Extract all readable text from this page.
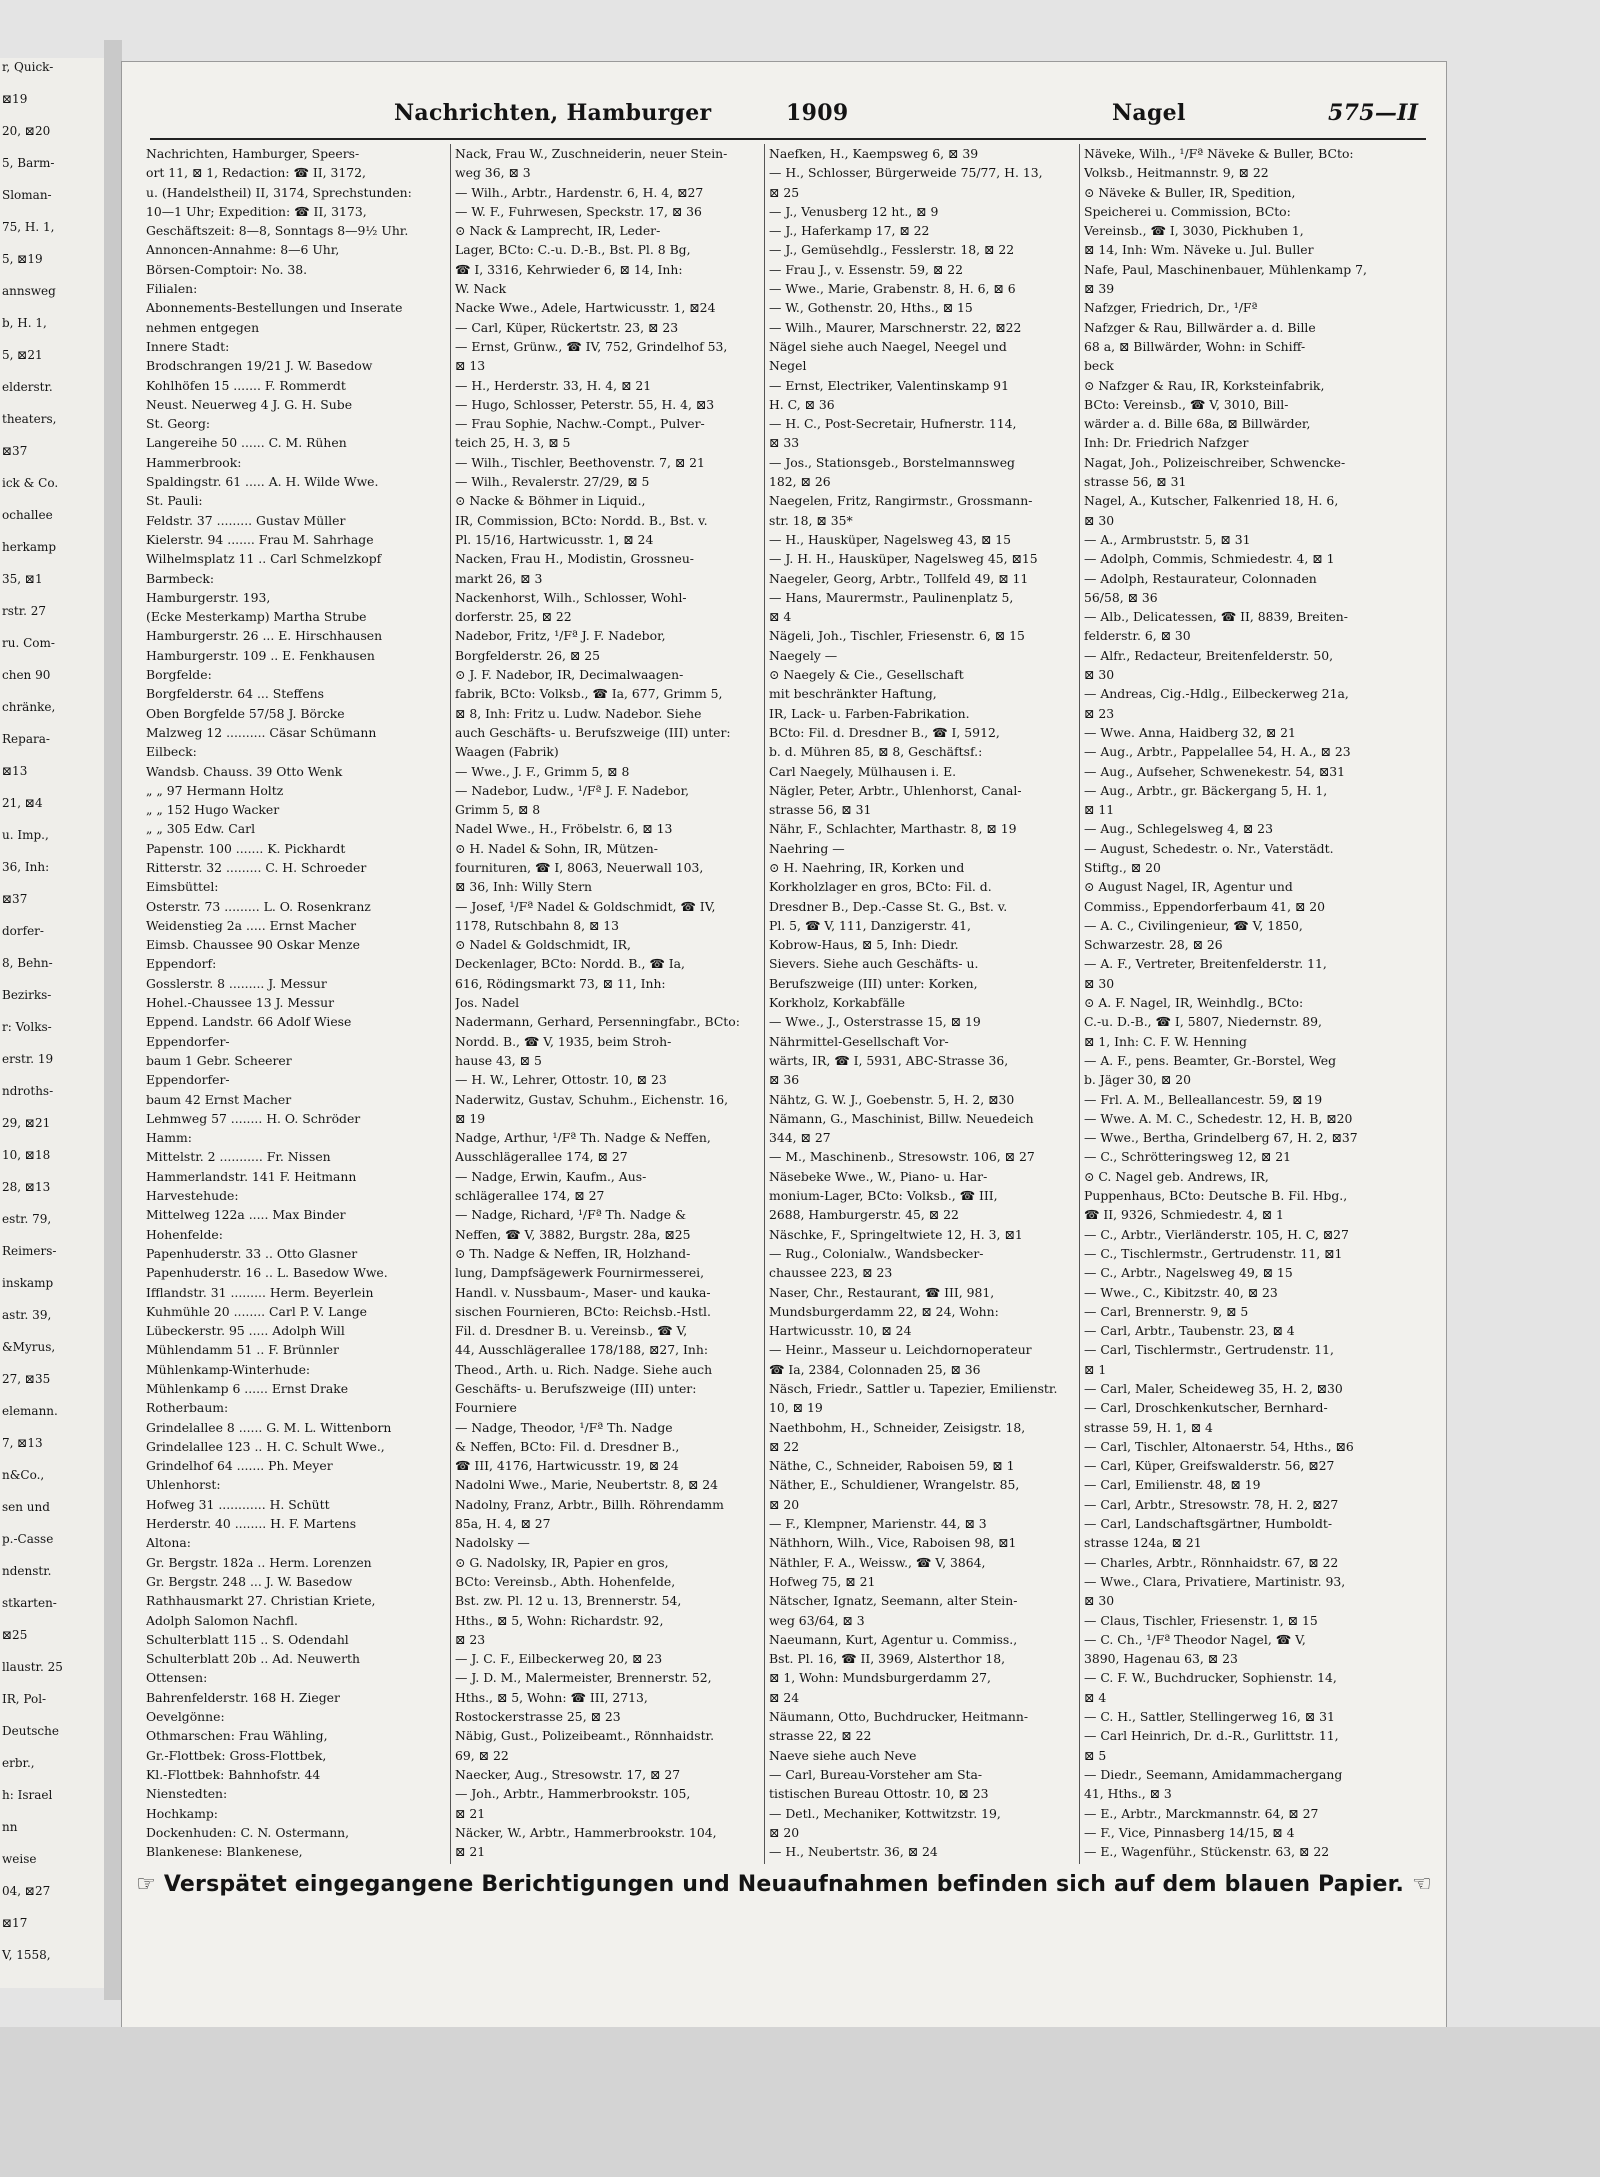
r, Quick-
⊠19
20, ⊠20
5, Barm-
Sloman-
75, H. 1,
5, ⊠19
annsweg
b, H. 1,
5, ⊠21
elderstr.
theaters,
⊠37
ick & Co.
ochallee
herkamp
35, ⊠1
rstr. 27
ru. Com-
chen 90
chränke,
Repara-
⊠13
21, ⊠4
u. Imp.,
36, Inh:
⊠37
dorfer-
8, Behn-
Bezirks-
r: Volks-
erstr. 19
ndroths-
29, ⊠21
10, ⊠18
28, ⊠13
estr. 79,
Reimers-
inskamp
astr. 39,
&Myrus,
27, ⊠35
elemann.
7, ⊠13
n&Co.,
sen und
p.-Casse
ndenstr.
stkarten-
⊠25
llaustr. 25
IR, Pol-
Deutsche
erbr.,
h: Israel
nn
weise
04, ⊠27
⊠17
V, 1558,
Nachrichten, Hamburger	1909	Nagel	575—II
Nachrichten, Hamburger, Speers-
ort 11, ⊠ 1, Redaction: ☎ II, 3172,
u. (Handelstheil) II, 3174, Sprechstunden:
10—1 Uhr; Expedition: ☎ II, 3173,
Geschäftszeit: 8—8, Sonntags 8—9½ Uhr.
Annoncen-Annahme: 8—6 Uhr,
Börsen-Comptoir: No. 38.
Filialen:
Abonnements-Bestellungen und Inserate
nehmen entgegen
Innere Stadt:
Brodschrangen 19/21 J. W. Basedow
Kohlhöfen 15 ....... F. Rommerdt
Neust. Neuerweg 4 J. G. H. Sube
St. Georg:
Langereihe 50 ...... C. M. Rühen
Hammerbrook:
Spaldingstr. 61 ..... A. H. Wilde Wwe.
St. Pauli:
Feldstr. 37 ......... Gustav Müller
Kielerstr. 94 ....... Frau M. Sahrhage
Wilhelmsplatz 11 .. Carl Schmelzkopf
Barmbeck:
Hamburgerstr. 193,
(Ecke Mesterkamp) Martha Strube
Hamburgerstr. 26 ... E. Hirschhausen
Hamburgerstr. 109 .. E. Fenkhausen
Borgfelde:
Borgfelderstr. 64 ... Steffens
Oben Borgfelde 57/58 J. Börcke
Malzweg 12 .......... Cäsar Schümann
Eilbeck:
Wandsb. Chauss. 39 Otto Wenk
„ „ 97 Hermann Holtz
„ „ 152 Hugo Wacker
„ „ 305 Edw. Carl
Papenstr. 100 ....... K. Pickhardt
Ritterstr. 32 ......... C. H. Schroeder
Eimsbüttel:
Osterstr. 73 ......... L. O. Rosenkranz
Weidenstieg 2a ..... Ernst Macher
Eimsb. Chaussee 90 Oskar Menze
Eppendorf:
Gosslerstr. 8 ......... J. Messur
Hohel.-Chaussee 13 J. Messur
Eppend. Landstr. 66 Adolf Wiese
Eppendorfer-
baum 1 Gebr. Scheerer
Eppendorfer-
baum 42 Ernst Macher
Lehmweg 57 ........ H. O. Schröder
Hamm:
Mittelstr. 2 ........... Fr. Nissen
Hammerlandstr. 141 F. Heitmann
Harvestehude:
Mittelweg 122a ..... Max Binder
Hohenfelde:
Papenhuderstr. 33 .. Otto Glasner
Papenhuderstr. 16 .. L. Basedow Wwe.
Ifflandstr. 31 ......... Herm. Beyerlein
Kuhmühle 20 ........ Carl P. V. Lange
Lübeckerstr. 95 ..... Adolph Will
Mühlendamm 51 .. F. Brünnler
Mühlenkamp-Winterhude:
Mühlenkamp 6 ...... Ernst Drake
Rotherbaum:
Grindelallee 8 ...... G. M. L. Wittenborn
Grindelallee 123 .. H. C. Schult Wwe.,
Grindelhof 64 ....... Ph. Meyer
Uhlenhorst:
Hofweg 31 ............ H. Schütt
Herderstr. 40 ........ H. F. Martens
Altona:
Gr. Bergstr. 182a .. Herm. Lorenzen
Gr. Bergstr. 248 ... J. W. Basedow
Rathhausmarkt 27. Christian Kriete,
Adolph Salomon Nachfl.
Schulterblatt 115 .. S. Odendahl
Schulterblatt 20b .. Ad. Neuwerth
Ottensen:
Bahrenfelderstr. 168 H. Zieger
Oevelgönne:
Othmarschen: Frau Wähling,
Gr.-Flottbek: Gross-Flottbek,
Kl.-Flottbek: Bahnhofstr. 44
Nienstedten:
Hochkamp:
Dockenhuden: C. N. Ostermann,
Blankenese: Blankenese,
Nack, Frau W., Zuschneiderin, neuer Stein-
weg 36, ⊠ 3
— Wilh., Arbtr., Hardenstr. 6, H. 4, ⊠27
— W. F., Fuhrwesen, Speckstr. 17, ⊠ 36
⊙ Nack & Lamprecht, IR, Leder-
Lager, BCto: C.-u. D.-B., Bst. Pl. 8 Bg,
☎ I, 3316, Kehrwieder 6, ⊠ 14, Inh:
W. Nack
Nacke Wwe., Adele, Hartwicusstr. 1, ⊠24
— Carl, Küper, Rückertstr. 23, ⊠ 23
— Ernst, Grünw., ☎ IV, 752, Grindelhof 53,
⊠ 13
— H., Herderstr. 33, H. 4, ⊠ 21
— Hugo, Schlosser, Peterstr. 55, H. 4, ⊠3
— Frau Sophie, Nachw.-Compt., Pulver-
teich 25, H. 3, ⊠ 5
— Wilh., Tischler, Beethovenstr. 7, ⊠ 21
— Wilh., Revalerstr. 27/29, ⊠ 5
⊙ Nacke & Böhmer in Liquid.,
IR, Commission, BCto: Nordd. B., Bst. v.
Pl. 15/16, Hartwicusstr. 1, ⊠ 24
Nacken, Frau H., Modistin, Grossneu-
markt 26, ⊠ 3
Nackenhorst, Wilh., Schlosser, Wohl-
dorferstr. 25, ⊠ 22
Nadebor, Fritz, ¹/Fª J. F. Nadebor,
Borgfelderstr. 26, ⊠ 25
⊙ J. F. Nadebor, IR, Decimalwaagen-
fabrik, BCto: Volksb., ☎ Ia, 677, Grimm 5,
⊠ 8, Inh: Fritz u. Ludw. Nadebor. Siehe
auch Geschäfts- u. Berufszweige (III) unter:
Waagen (Fabrik)
— Wwe., J. F., Grimm 5, ⊠ 8
— Nadebor, Ludw., ¹/Fª J. F. Nadebor,
Grimm 5, ⊠ 8
Nadel Wwe., H., Fröbelstr. 6, ⊠ 13
⊙ H. Nadel & Sohn, IR, Mützen-
fournituren, ☎ I, 8063, Neuerwall 103,
⊠ 36, Inh: Willy Stern
— Josef, ¹/Fª Nadel & Goldschmidt, ☎ IV,
1178, Rutschbahn 8, ⊠ 13
⊙ Nadel & Goldschmidt, IR,
Deckenlager, BCto: Nordd. B., ☎ Ia,
616, Rödingsmarkt 73, ⊠ 11, Inh:
Jos. Nadel
Nadermann, Gerhard, Persenningfabr., BCto:
Nordd. B., ☎ V, 1935, beim Stroh-
hause 43, ⊠ 5
— H. W., Lehrer, Ottostr. 10, ⊠ 23
Naderwitz, Gustav, Schuhm., Eichenstr. 16,
⊠ 19
Nadge, Arthur, ¹/Fª Th. Nadge & Neffen,
Ausschlägerallee 174, ⊠ 27
— Nadge, Erwin, Kaufm., Aus-
schlägerallee 174, ⊠ 27
— Nadge, Richard, ¹/Fª Th. Nadge &
Neffen, ☎ V, 3882, Burgstr. 28a, ⊠25
⊙ Th. Nadge & Neffen, IR, Holzhand-
lung, Dampfsägewerk Fournirmesserei,
Handl. v. Nussbaum-, Maser- und kauka-
sischen Fournieren, BCto: Reichsb.-Hstl.
Fil. d. Dresdner B. u. Vereinsb., ☎ V,
44, Ausschlägerallee 178/188, ⊠27, Inh:
Theod., Arth. u. Rich. Nadge. Siehe auch
Geschäfts- u. Berufszweige (III) unter:
Fourniere
— Nadge, Theodor, ¹/Fª Th. Nadge
& Neffen, BCto: Fil. d. Dresdner B.,
☎ III, 4176, Hartwicusstr. 19, ⊠ 24
Nadolni Wwe., Marie, Neubertstr. 8, ⊠ 24
Nadolny, Franz, Arbtr., Billh. Röhrendamm
85a, H. 4, ⊠ 27
Nadolsky —
⊙ G. Nadolsky, IR, Papier en gros,
BCto: Vereinsb., Abth. Hohenfelde,
Bst. zw. Pl. 12 u. 13, Brennerstr. 54,
Hths., ⊠ 5, Wohn: Richardstr. 92,
⊠ 23
— J. C. F., Eilbeckerweg 20, ⊠ 23
— J. D. M., Malermeister, Brennerstr. 52,
Hths., ⊠ 5, Wohn: ☎ III, 2713,
Rostockerstrasse 25, ⊠ 23
Näbig, Gust., Polizeibeamt., Rönnhaidstr.
69, ⊠ 22
Naecker, Aug., Stresowstr. 17, ⊠ 27
— Joh., Arbtr., Hammerbrookstr. 105,
⊠ 21
Näcker, W., Arbtr., Hammerbrookstr. 104,
⊠ 21
Naefken, H., Kaempsweg 6, ⊠ 39
— H., Schlosser, Bürgerweide 75/77, H. 13,
⊠ 25
— J., Venusberg 12 ht., ⊠ 9
— J., Haferkamp 17, ⊠ 22
— J., Gemüsehdlg., Fesslerstr. 18, ⊠ 22
— Frau J., v. Essenstr. 59, ⊠ 22
— Wwe., Marie, Grabenstr. 8, H. 6, ⊠ 6
— W., Gothenstr. 20, Hths., ⊠ 15
— Wilh., Maurer, Marschnerstr. 22, ⊠22
Nägel siehe auch Naegel, Neegel und
Negel
— Ernst, Electriker, Valentinskamp 91
H. C, ⊠ 36
— H. C., Post-Secretair, Hufnerstr. 114,
⊠ 33
— Jos., Stationsgeb., Borstelmannsweg
182, ⊠ 26
Naegelen, Fritz, Rangirmstr., Grossmann-
str. 18, ⊠ 35*
— H., Hausküper, Nagelsweg 43, ⊠ 15
— J. H. H., Hausküper, Nagelsweg 45, ⊠15
Naegeler, Georg, Arbtr., Tollfeld 49, ⊠ 11
— Hans, Maurermstr., Paulinenplatz 5,
⊠ 4
Nägeli, Joh., Tischler, Friesenstr. 6, ⊠ 15
Naegely —
⊙ Naegely & Cie., Gesellschaft
mit beschränkter Haftung,
IR, Lack- u. Farben-Fabrikation.
BCto: Fil. d. Dresdner B., ☎ I, 5912,
b. d. Mühren 85, ⊠ 8, Geschäftsf.:
Carl Naegely, Mülhausen i. E.
Nägler, Peter, Arbtr., Uhlenhorst, Canal-
strasse 56, ⊠ 31
Nähr, F., Schlachter, Marthastr. 8, ⊠ 19
Naehring —
⊙ H. Naehring, IR, Korken und
Korkholzlager en gros, BCto: Fil. d.
Dresdner B., Dep.-Casse St. G., Bst. v.
Pl. 5, ☎ V, 111, Danzigerstr. 41,
Kobrow-Haus, ⊠ 5, Inh: Diedr.
Sievers. Siehe auch Geschäfts- u.
Berufszweige (III) unter: Korken,
Korkholz, Korkabfälle
— Wwe., J., Osterstrasse 15, ⊠ 19
Nährmittel-Gesellschaft Vor-
wärts, IR, ☎ I, 5931, ABC-Strasse 36,
⊠ 36
Nähtz, G. W. J., Goebenstr. 5, H. 2, ⊠30
Nämann, G., Maschinist, Billw. Neuedeich
344, ⊠ 27
— M., Maschinenb., Stresowstr. 106, ⊠ 27
Näsebeke Wwe., W., Piano- u. Har-
monium-Lager, BCto: Volksb., ☎ III,
2688, Hamburgerstr. 45, ⊠ 22
Näschke, F., Springeltwiete 12, H. 3, ⊠1
— Rug., Colonialw., Wandsbecker-
chaussee 223, ⊠ 23
Naser, Chr., Restaurant, ☎ III, 981,
Mundsburgerdamm 22, ⊠ 24, Wohn:
Hartwicusstr. 10, ⊠ 24
— Heinr., Masseur u. Leichdornoperateur
☎ Ia, 2384, Colonnaden 25, ⊠ 36
Näsch, Friedr., Sattler u. Tapezier, Emilienstr.
10, ⊠ 19
Naethbohm, H., Schneider, Zeisigstr. 18,
⊠ 22
Näthe, C., Schneider, Raboisen 59, ⊠ 1
Näther, E., Schuldiener, Wrangelstr. 85,
⊠ 20
— F., Klempner, Marienstr. 44, ⊠ 3
Näthhorn, Wilh., Vice, Raboisen 98, ⊠1
Näthler, F. A., Weissw., ☎ V, 3864,
Hofweg 75, ⊠ 21
Nätscher, Ignatz, Seemann, alter Stein-
weg 63/64, ⊠ 3
Naeumann, Kurt, Agentur u. Commiss.,
Bst. Pl. 16, ☎ II, 3969, Alsterthor 18,
⊠ 1, Wohn: Mundsburgerdamm 27,
⊠ 24
Näumann, Otto, Buchdrucker, Heitmann-
strasse 22, ⊠ 22
Naeve siehe auch Neve
— Carl, Bureau-Vorsteher am Sta-
tistischen Bureau Ottostr. 10, ⊠ 23
— Detl., Mechaniker, Kottwitzstr. 19,
⊠ 20
— H., Neubertstr. 36, ⊠ 24
Näveke, Wilh., ¹/Fª Näveke & Buller, BCto:
Volksb., Heitmannstr. 9, ⊠ 22
⊙ Näveke & Buller, IR, Spedition,
Speicherei u. Commission, BCto:
Vereinsb., ☎ I, 3030, Pickhuben 1,
⊠ 14, Inh: Wm. Näveke u. Jul. Buller
Nafe, Paul, Maschinenbauer, Mühlenkamp 7,
⊠ 39
Nafzger, Friedrich, Dr., ¹/Fª
Nafzger & Rau, Billwärder a. d. Bille
68 a, ⊠ Billwärder, Wohn: in Schiff-
beck
⊙ Nafzger & Rau, IR, Korksteinfabrik,
BCto: Vereinsb., ☎ V, 3010, Bill-
wärder a. d. Bille 68a, ⊠ Billwärder,
Inh: Dr. Friedrich Nafzger
Nagat, Joh., Polizeischreiber, Schwencke-
strasse 56, ⊠ 31
Nagel, A., Kutscher, Falkenried 18, H. 6,
⊠ 30
— A., Armbruststr. 5, ⊠ 31
— Adolph, Commis, Schmiedestr. 4, ⊠ 1
— Adolph, Restaurateur, Colonnaden
56/58, ⊠ 36
— Alb., Delicatessen, ☎ II, 8839, Breiten-
felderstr. 6, ⊠ 30
— Alfr., Redacteur, Breitenfelderstr. 50,
⊠ 30
— Andreas, Cig.-Hdlg., Eilbeckerweg 21a,
⊠ 23
— Wwe. Anna, Haidberg 32, ⊠ 21
— Aug., Arbtr., Pappelallee 54, H. A., ⊠ 23
— Aug., Aufseher, Schwenekestr. 54, ⊠31
— Aug., Arbtr., gr. Bäckergang 5, H. 1,
⊠ 11
— Aug., Schlegelsweg 4, ⊠ 23
— August, Schedestr. o. Nr., Vaterstädt.
Stiftg., ⊠ 20
⊙ August Nagel, IR, Agentur und
Commiss., Eppendorferbaum 41, ⊠ 20
— A. C., Civilingenieur, ☎ V, 1850,
Schwarzestr. 28, ⊠ 26
— A. F., Vertreter, Breitenfelderstr. 11,
⊠ 30
⊙ A. F. Nagel, IR, Weinhdlg., BCto:
C.-u. D.-B., ☎ I, 5807, Niedernstr. 89,
⊠ 1, Inh: C. F. W. Henning
— A. F., pens. Beamter, Gr.-Borstel, Weg
b. Jäger 30, ⊠ 20
— Frl. A. M., Belleallancestr. 59, ⊠ 19
— Wwe. A. M. C., Schedestr. 12, H. B, ⊠20
— Wwe., Bertha, Grindelberg 67, H. 2, ⊠37
— C., Schrötteringsweg 12, ⊠ 21
⊙ C. Nagel geb. Andrews, IR,
Puppenhaus, BCto: Deutsche B. Fil. Hbg.,
☎ II, 9326, Schmiedestr. 4, ⊠ 1
— C., Arbtr., Vierländerstr. 105, H. C, ⊠27
— C., Tischlermstr., Gertrudenstr. 11, ⊠1
— C., Arbtr., Nagelsweg 49, ⊠ 15
— Wwe., C., Kibitzstr. 40, ⊠ 23
— Carl, Brennerstr. 9, ⊠ 5
— Carl, Arbtr., Taubenstr. 23, ⊠ 4
— Carl, Tischlermstr., Gertrudenstr. 11,
⊠ 1
— Carl, Maler, Scheideweg 35, H. 2, ⊠30
— Carl, Droschkenkutscher, Bernhard-
strasse 59, H. 1, ⊠ 4
— Carl, Tischler, Altonaerstr. 54, Hths., ⊠6
— Carl, Küper, Greifswalderstr. 56, ⊠27
— Carl, Emilienstr. 48, ⊠ 19
— Carl, Arbtr., Stresowstr. 78, H. 2, ⊠27
— Carl, Landschaftsgärtner, Humboldt-
strasse 124a, ⊠ 21
— Charles, Arbtr., Rönnhaidstr. 67, ⊠ 22
— Wwe., Clara, Privatiere, Martinistr. 93,
⊠ 30
— Claus, Tischler, Friesenstr. 1, ⊠ 15
— C. Ch., ¹/Fª Theodor Nagel, ☎ V,
3890, Hagenau 63, ⊠ 23
— C. F. W., Buchdrucker, Sophienstr. 14,
⊠ 4
— C. H., Sattler, Stellingerweg 16, ⊠ 31
— Carl Heinrich, Dr. d.-R., Gurlittstr. 11,
⊠ 5
— Diedr., Seemann, Amidammachergang
41, Hths., ⊠ 3
— E., Arbtr., Marckmannstr. 64, ⊠ 27
— F., Vice, Pinnasberg 14/15, ⊠ 4
— E., Wagenführ., Stückenstr. 63, ⊠ 22
☞ Verspätet eingegangene Berichtigungen und Neuaufnahmen befinden sich auf dem blauen Papier. ☜
